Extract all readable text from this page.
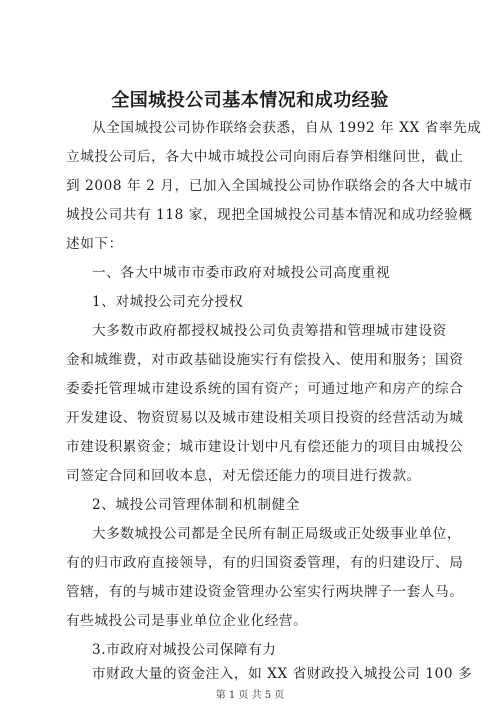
全国城投公司基本情况和成功经验
从全国城投公司协作联络会获悉，自从 1992 年 XX 省率先成
立城投公司后，各大中城市城投公司向雨后春笋相继问世，截止
到 2008 年 2 月，已加入全国城投公司协作联络会的各大中城市
城投公司共有 118 家，现把全国城投公司基本情况和成功经验概
述如下：
一、各大中城市市委市政府对城投公司高度重视
1、对城投公司充分授权
大多数市政府都授权城投公司负责筹措和管理城市建设资
金和城维费，对市政基础设施实行有偿投入、使用和服务；国资
委委托管理城市建设系统的国有资产；可通过地产和房产的综合
开发建设、物资贸易以及城市建设相关项目投资的经营活动为城
市建设积累资金；城市建设计划中凡有偿还能力的项目由城投公
司签定合同和回收本息，对无偿还能力的项目进行拨款。
2、城投公司管理体制和机制健全
大多数城投公司都是全民所有制正局级或正处级事业单位，
有的归市政府直接领导，有的归国资委管理，有的归建设厅、局
管辖，有的与城市建设资金管理办公室实行两块牌子一套人马。
有些城投公司是事业单位企业化经营。
3.市政府对城投公司保障有力
市财政大量的资金注入，如 XX 省财政投入城投公司 100 多
第 1 页 共 5 页
